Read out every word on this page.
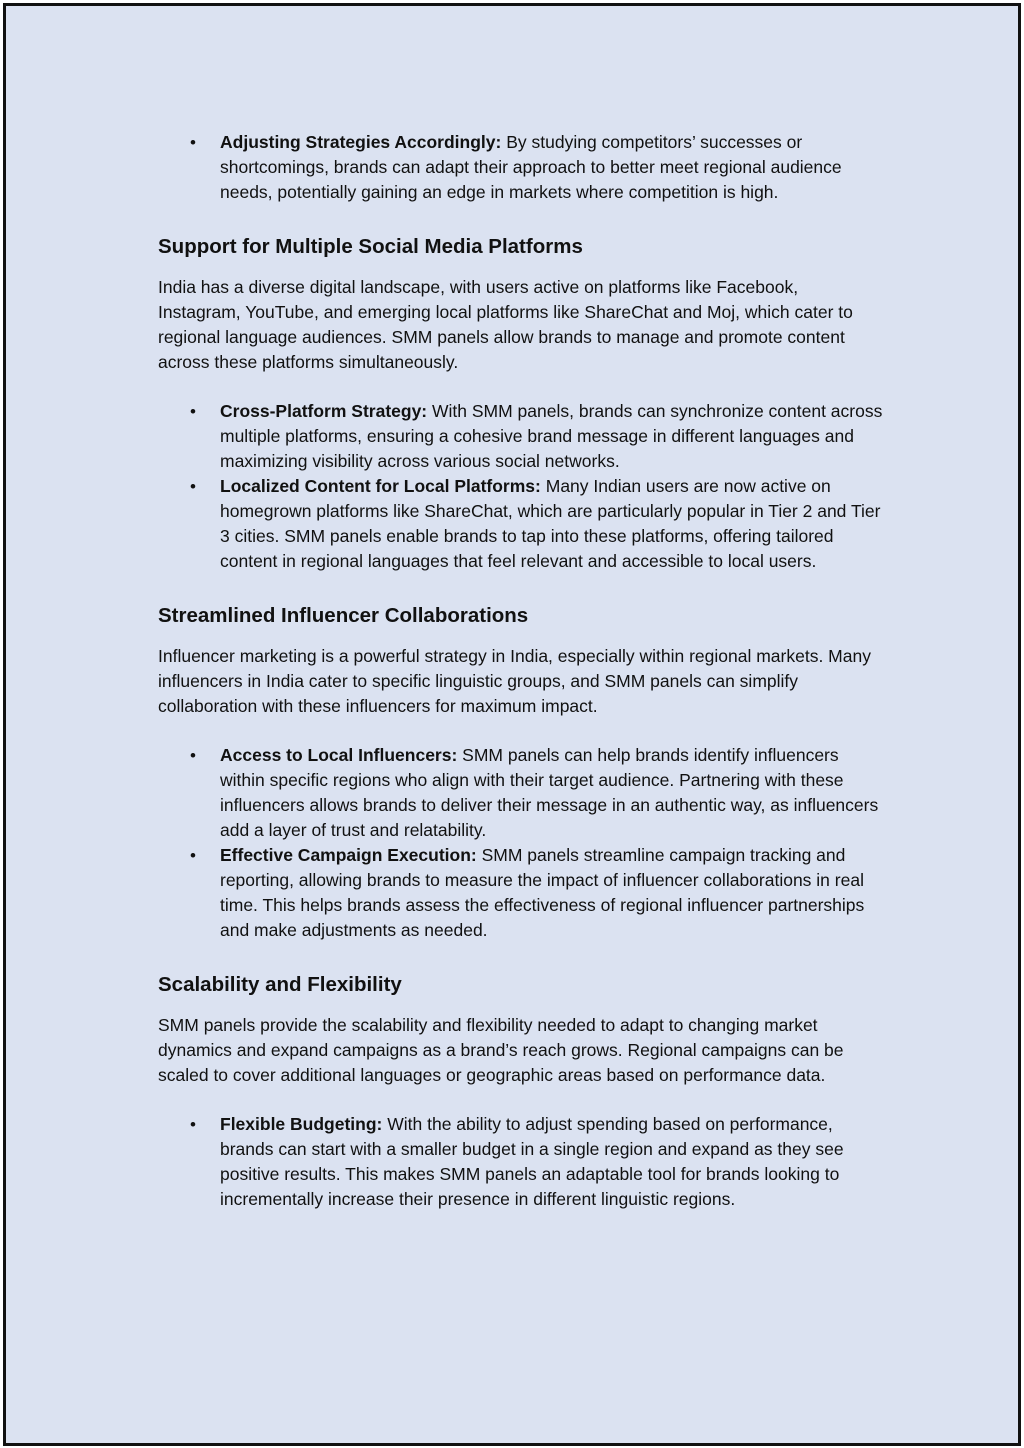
• Adjusting Strategies Accordingly: By studying competitors’ successes or shortcomings, brands can adapt their approach to better meet regional audience needs, potentially gaining an edge in markets where competition is high.
Support for Multiple Social Media Platforms

India has a diverse digital landscape, with users active on platforms like Facebook, Instagram, YouTube, and emerging local platforms like ShareChat and Moj, which cater to regional language audiences. SMM panels allow brands to manage and promote content across these platforms simultaneously.

• Cross-Platform Strategy: With SMM panels, brands can synchronize content across multiple platforms, ensuring a cohesive brand message in different languages and maximizing visibility across various social networks.
• Localized Content for Local Platforms: Many Indian users are now active on homegrown platforms like ShareChat, which are particularly popular in Tier 2 and Tier 3 cities. SMM panels enable brands to tap into these platforms, offering tailored content in regional languages that feel relevant and accessible to local users.
Streamlined Influencer Collaborations

Influencer marketing is a powerful strategy in India, especially within regional markets. Many influencers in India cater to specific linguistic groups, and SMM panels can simplify collaboration with these influencers for maximum impact.

• Access to Local Influencers: SMM panels can help brands identify influencers within specific regions who align with their target audience. Partnering with these influencers allows brands to deliver their message in an authentic way, as influencers add a layer of trust and relatability.
• Effective Campaign Execution: SMM panels streamline campaign tracking and reporting, allowing brands to measure the impact of influencer collaborations in real time. This helps brands assess the effectiveness of regional influencer partnerships and make adjustments as needed.
Scalability and Flexibility

SMM panels provide the scalability and flexibility needed to adapt to changing market dynamics and expand campaigns as a brand’s reach grows. Regional campaigns can be scaled to cover additional languages or geographic areas based on performance data.

• Flexible Budgeting: With the ability to adjust spending based on performance, brands can start with a smaller budget in a single region and expand as they see positive results. This makes SMM panels an adaptable tool for brands looking to incrementally increase their presence in different linguistic regions.
